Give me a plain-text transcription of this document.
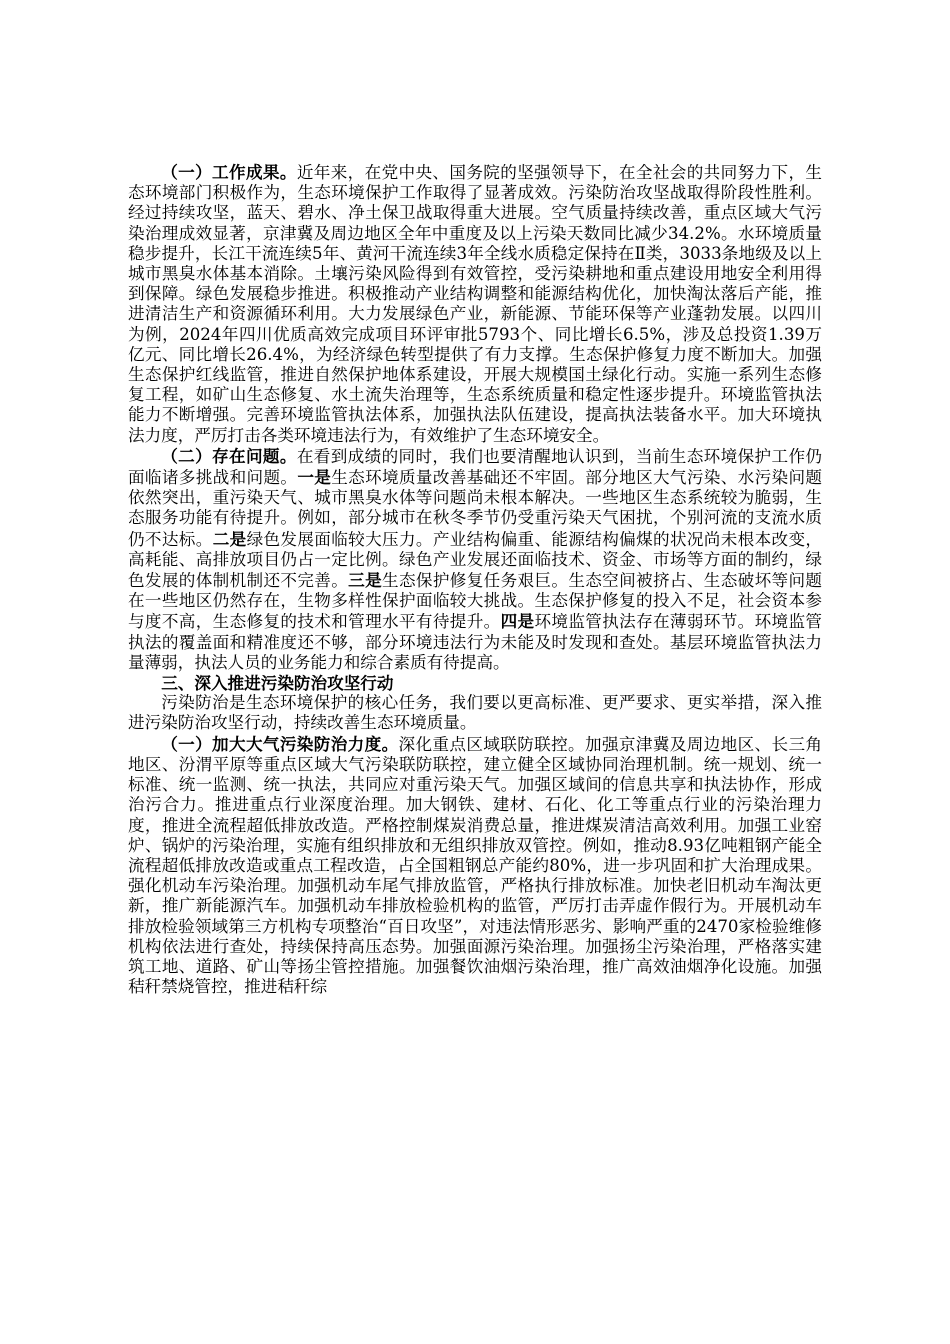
（一）工作成果。近年来，在党中央、国务院的坚强领导下，在全社会的共同努力下，生态环境部门积极作为，生态环境保护工作取得了显著成效。污染防治攻坚战取得阶段性胜利。经过持续攻坚，蓝天、碧水、净土保卫战取得重大进展。空气质量持续改善，重点区域大气污染治理成效显著，京津冀及周边地区全年中重度及以上污染天数同比减少34.2%。水环境质量稳步提升，长江干流连续5年、黄河干流连续3年全线水质稳定保持在Ⅱ类，3033条地级及以上城市黑臭水体基本消除。土壤污染风险得到有效管控，受污染耕地和重点建设用地安全利用得到保障。绿色发展稳步推进。积极推动产业结构调整和能源结构优化，加快淘汰落后产能，推进清洁生产和资源循环利用。大力发展绿色产业，新能源、节能环保等产业蓬勃发展。以四川为例，2024年四川优质高效完成项目环评审批5793个、同比增长6.5%，涉及总投资1.39万亿元、同比增长26.4%，为经济绿色转型提供了有力支撑。生态保护修复力度不断加大。加强生态保护红线监管，推进自然保护地体系建设，开展大规模国土绿化行动。实施一系列生态修复工程，如矿山生态修复、水土流失治理等，生态系统质量和稳定性逐步提升。环境监管执法能力不断增强。完善环境监管执法体系，加强执法队伍建设，提高执法装备水平。加大环境执法力度，严厉打击各类环境违法行为，有效维护了生态环境安全。

（二）存在问题。在看到成绩的同时，我们也要清醒地认识到，当前生态环境保护工作仍面临诸多挑战和问题。一是生态环境质量改善基础还不牢固。部分地区大气污染、水污染问题依然突出，重污染天气、城市黑臭水体等问题尚未根本解决。一些地区生态系统较为脆弱，生态服务功能有待提升。例如，部分城市在秋冬季节仍受重污染天气困扰，个别河流的支流水质仍不达标。二是绿色发展面临较大压力。产业结构偏重、能源结构偏煤的状况尚未根本改变，高耗能、高排放项目仍占一定比例。绿色产业发展还面临技术、资金、市场等方面的制约，绿色发展的体制机制还不完善。三是生态保护修复任务艰巨。生态空间被挤占、生态破坏等问题在一些地区仍然存在，生物多样性保护面临较大挑战。生态保护修复的投入不足，社会资本参与度不高，生态修复的技术和管理水平有待提升。四是环境监管执法存在薄弱环节。环境监管执法的覆盖面和精准度还不够，部分环境违法行为未能及时发现和查处。基层环境监管执法力量薄弱，执法人员的业务能力和综合素质有待提高。

三、深入推进污染防治攻坚行动

污染防治是生态环境保护的核心任务，我们要以更高标准、更严要求、更实举措，深入推进污染防治攻坚行动，持续改善生态环境质量。

（一）加大大气污染防治力度。深化重点区域联防联控。加强京津冀及周边地区、长三角地区、汾渭平原等重点区域大气污染联防联控，建立健全区域协同治理机制。统一规划、统一标准、统一监测、统一执法，共同应对重污染天气。加强区域间的信息共享和执法协作，形成治污合力。推进重点行业深度治理。加大钢铁、建材、石化、化工等重点行业的污染治理力度，推进全流程超低排放改造。严格控制煤炭消费总量，推进煤炭清洁高效利用。加强工业窑炉、锅炉的污染治理，实施有组织排放和无组织排放双管控。例如，推动8.93亿吨粗钢产能全流程超低排放改造或重点工程改造，占全国粗钢总产能约80%，进一步巩固和扩大治理成果。强化机动车污染治理。加强机动车尾气排放监管，严格执行排放标准。加快老旧机动车淘汰更新，推广新能源汽车。加强机动车排放检验机构的监管，严厉打击弄虚作假行为。开展机动车排放检验领域第三方机构专项整治“百日攻坚”，对违法情形恶劣、影响严重的2470家检验维修机构依法进行查处，持续保持高压态势。加强面源污染治理。加强扬尘污染治理，严格落实建筑工地、道路、矿山等扬尘管控措施。加强餐饮油烟污染治理，推广高效油烟净化设施。加强秸秆禁烧管控，推进秸秆综
